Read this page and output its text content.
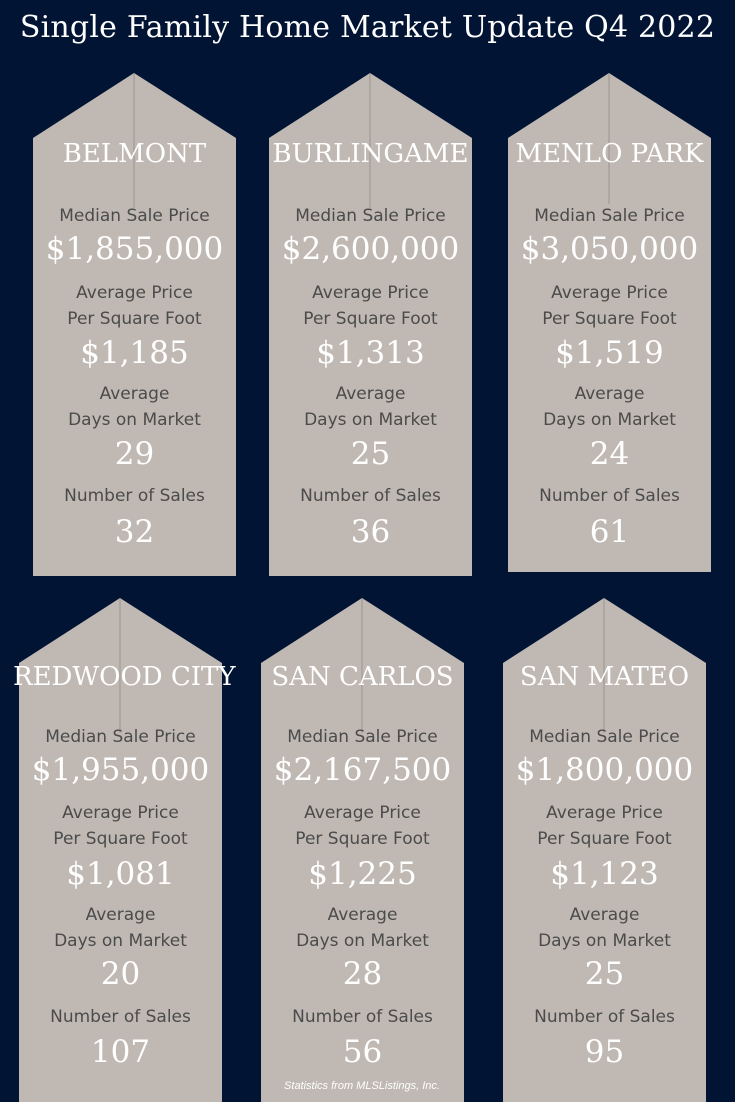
Single Family Home Market Update Q4 2022
BELMONT
Median Sale Price
$1,855,000
Average Price
Per Square Foot
$1,185
Average
Days on Market
29
Number of Sales
32
BURLINGAME
Median Sale Price
$2,600,000
Average Price
Per Square Foot
$1,313
Average
Days on Market
25
Number of Sales
36
MENLO PARK
Median Sale Price
$3,050,000
Average Price
Per Square Foot
$1,519
Average
Days on Market
24
Number of Sales
61
REDWOOD CITY
Median Sale Price
$1,955,000
Average Price
Per Square Foot
$1,081
Average
Days on Market
20
Number of Sales
107
SAN CARLOS
Median Sale Price
$2,167,500
Average Price
Per Square Foot
$1,225
Average
Days on Market
28
Number of Sales
56
SAN MATEO
Median Sale Price
$1,800,000
Average Price
Per Square Foot
$1,123
Average
Days on Market
25
Number of Sales
95
Statistics from MLSListings, Inc.
